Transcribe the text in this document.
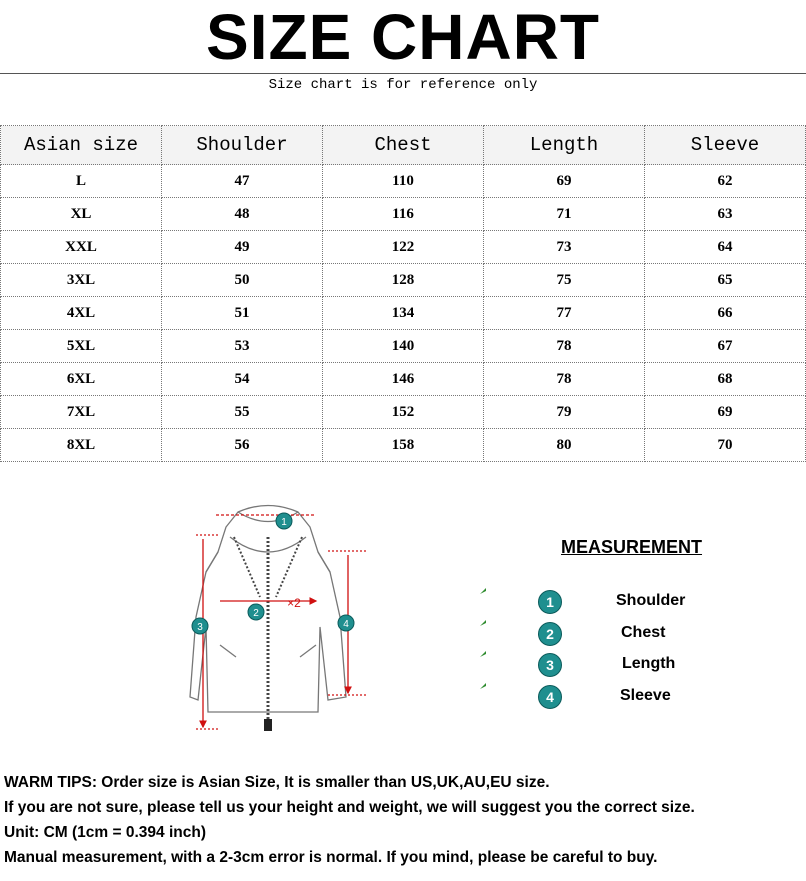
SIZE CHART
Size chart is for reference only
Asian size	Shoulder	Chest	Length	Sleeve
L	47	110	69	62
XL	48	116	71	63
XXL	49	122	73	64
3XL	50	128	75	65
4XL	51	134	77	66
5XL	53	140	78	67
6XL	54	146	78	68
7XL	55	152	79	69
8XL	56	158	80	70
1
2
3	4
×2
MEASUREMENT
1	Shoulder
2	Chest
3	Length
4	Sleeve
WARM TIPS: Order size is Asian Size, It is smaller than US,UK,AU,EU size.
If you are not sure, please tell us your height and weight, we will suggest you the correct size.
Unit: CM (1cm = 0.394 inch)
Manual measurement, with a 2-3cm error is normal. If you mind, please be careful to buy.
